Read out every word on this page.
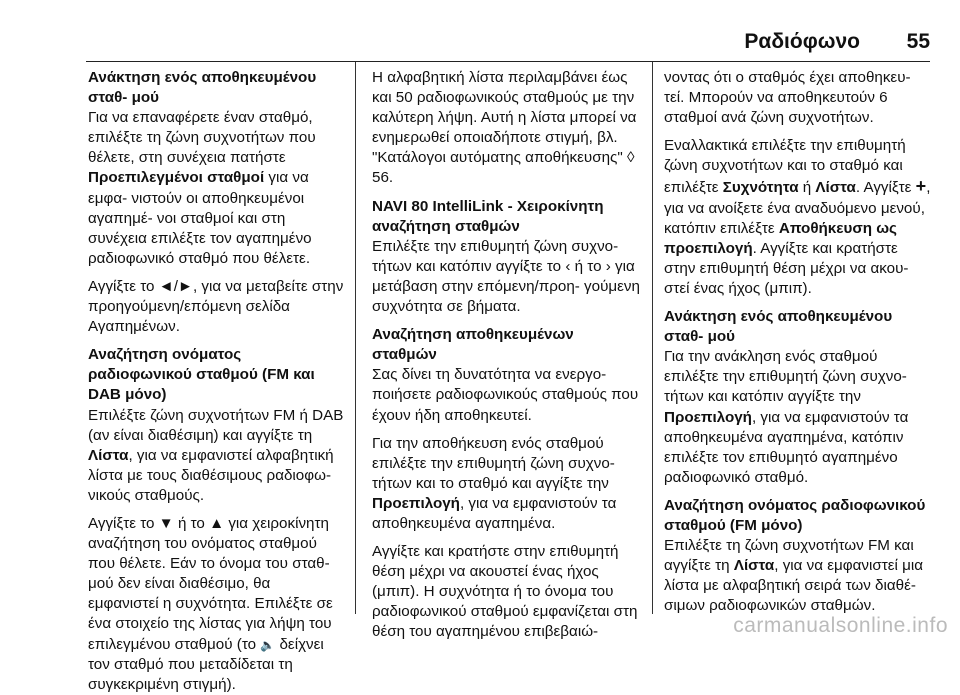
Ραδιόφωνο 55
Ανάκτηση ενός αποθηκευμένου σταθ‐ μού

Για να επαναφέρετε έναν σταθμό, επιλέξτε τη ζώνη συχνοτήτων που θέλετε, στη συνέχεια πατήστε Προεπιλεγμένοι σταθμοί για να εμφα‐ νιστούν οι αποθηκευμένοι αγαπημέ‐ νοι σταθμοί και στη συνέχεια επιλέξτε τον αγαπημένο ραδιοφωνικό σταθμό που θέλετε.

Αγγίξτε το ◄/►, για να μεταβείτε στην προηγούμενη/επόμενη σελίδα Αγαπημένων.

Αναζήτηση ονόματος ραδιοφωνικού σταθμού (FM και DAB μόνο)

Επιλέξτε ζώνη συχνοτήτων FM ή DAB (αν είναι διαθέσιμη) και αγγίξτε τη Λίστα, για να εμφανιστεί αλφαβητική λίστα με τους διαθέσιμους ραδιοφω‐ νικούς σταθμούς.

Αγγίξτε το ▼ ή το ▲ για χειροκίνητη αναζήτηση του ονόματος σταθμού που θέλετε. Εάν το όνομα του σταθ‐ μού δεν είναι διαθέσιμο, θα εμφανιστεί η συχνότητα. Επιλέξτε σε ένα στοιχείο της λίστας για λήψη του επιλεγμένου σταθμού (το 🔈 δείχνει τον σταθμό που μεταδίδεται τη συγκεκριμένη στιγμή).

Η αλφαβητική λίστα περιλαμβάνει έως και 50 ραδιοφωνικούς σταθμούς με την καλύτερη λήψη. Αυτή η λίστα μπορεί να ενημερωθεί οποιαδήποτε στιγμή, βλ. "Κατάλογοι αυτόματης αποθήκευσης" ◊ 56.

NAVI 80 IntelliLink - Χειροκίνητη αναζήτηση σταθμών

Επιλέξτε την επιθυμητή ζώνη συχνο‐ τήτων και κατόπιν αγγίξτε το ‹ ή το › για μετάβαση στην επόμενη/προη‐ γούμενη συχνότητα σε βήματα.

Αναζήτηση αποθηκευμένων σταθμών

Σας δίνει τη δυνατότητα να ενεργο‐ ποιήσετε ραδιοφωνικούς σταθμούς που έχουν ήδη αποθηκευτεί.

Για την αποθήκευση ενός σταθμού επιλέξτε την επιθυμητή ζώνη συχνο‐ τήτων και το σταθμό και αγγίξτε την Προεπιλογή, για να εμφανιστούν τα αποθηκευμένα αγαπημένα.

Αγγίξτε και κρατήστε στην επιθυμητή θέση μέχρι να ακουστεί ένας ήχος (μπιπ). Η συχνότητα ή το όνομα του ραδιοφωνικού σταθμού εμφανίζεται στη θέση του αγαπημένου επιβεβαιώ‐

νοντας ότι ο σταθμός έχει αποθηκευ‐ τεί. Μπορούν να αποθηκευτούν 6 σταθμοί ανά ζώνη συχνοτήτων.

Εναλλακτικά επιλέξτε την επιθυμητή ζώνη συχνοτήτων και το σταθμό και επιλέξτε Συχνότητα ή Λίστα. Αγγίξτε +, για να ανοίξετε ένα αναδυόμενο μενού, κατόπιν επιλέξτε Αποθήκευση ως προεπιλογή. Αγγίξτε και κρατήστε στην επιθυμητή θέση μέχρι να ακου‐ στεί ένας ήχος (μπιπ).

Ανάκτηση ενός αποθηκευμένου σταθ‐ μού

Για την ανάκληση ενός σταθμού επιλέξτε την επιθυμητή ζώνη συχνο‐ τήτων και κατόπιν αγγίξτε την Προεπιλογή, για να εμφανιστούν τα αποθηκευμένα αγαπημένα, κατόπιν επιλέξτε τον επιθυμητό αγαπημένο ραδιοφωνικό σταθμό.

Αναζήτηση ονόματος ραδιοφωνικού σταθμού (FM μόνο)

Επιλέξτε τη ζώνη συχνοτήτων FM και αγγίξτε τη Λίστα, για να εμφανιστεί μια λίστα με αλφαβητική σειρά των διαθέ‐ σιμων ραδιοφωνικών σταθμών.

carmanualsonline.info
